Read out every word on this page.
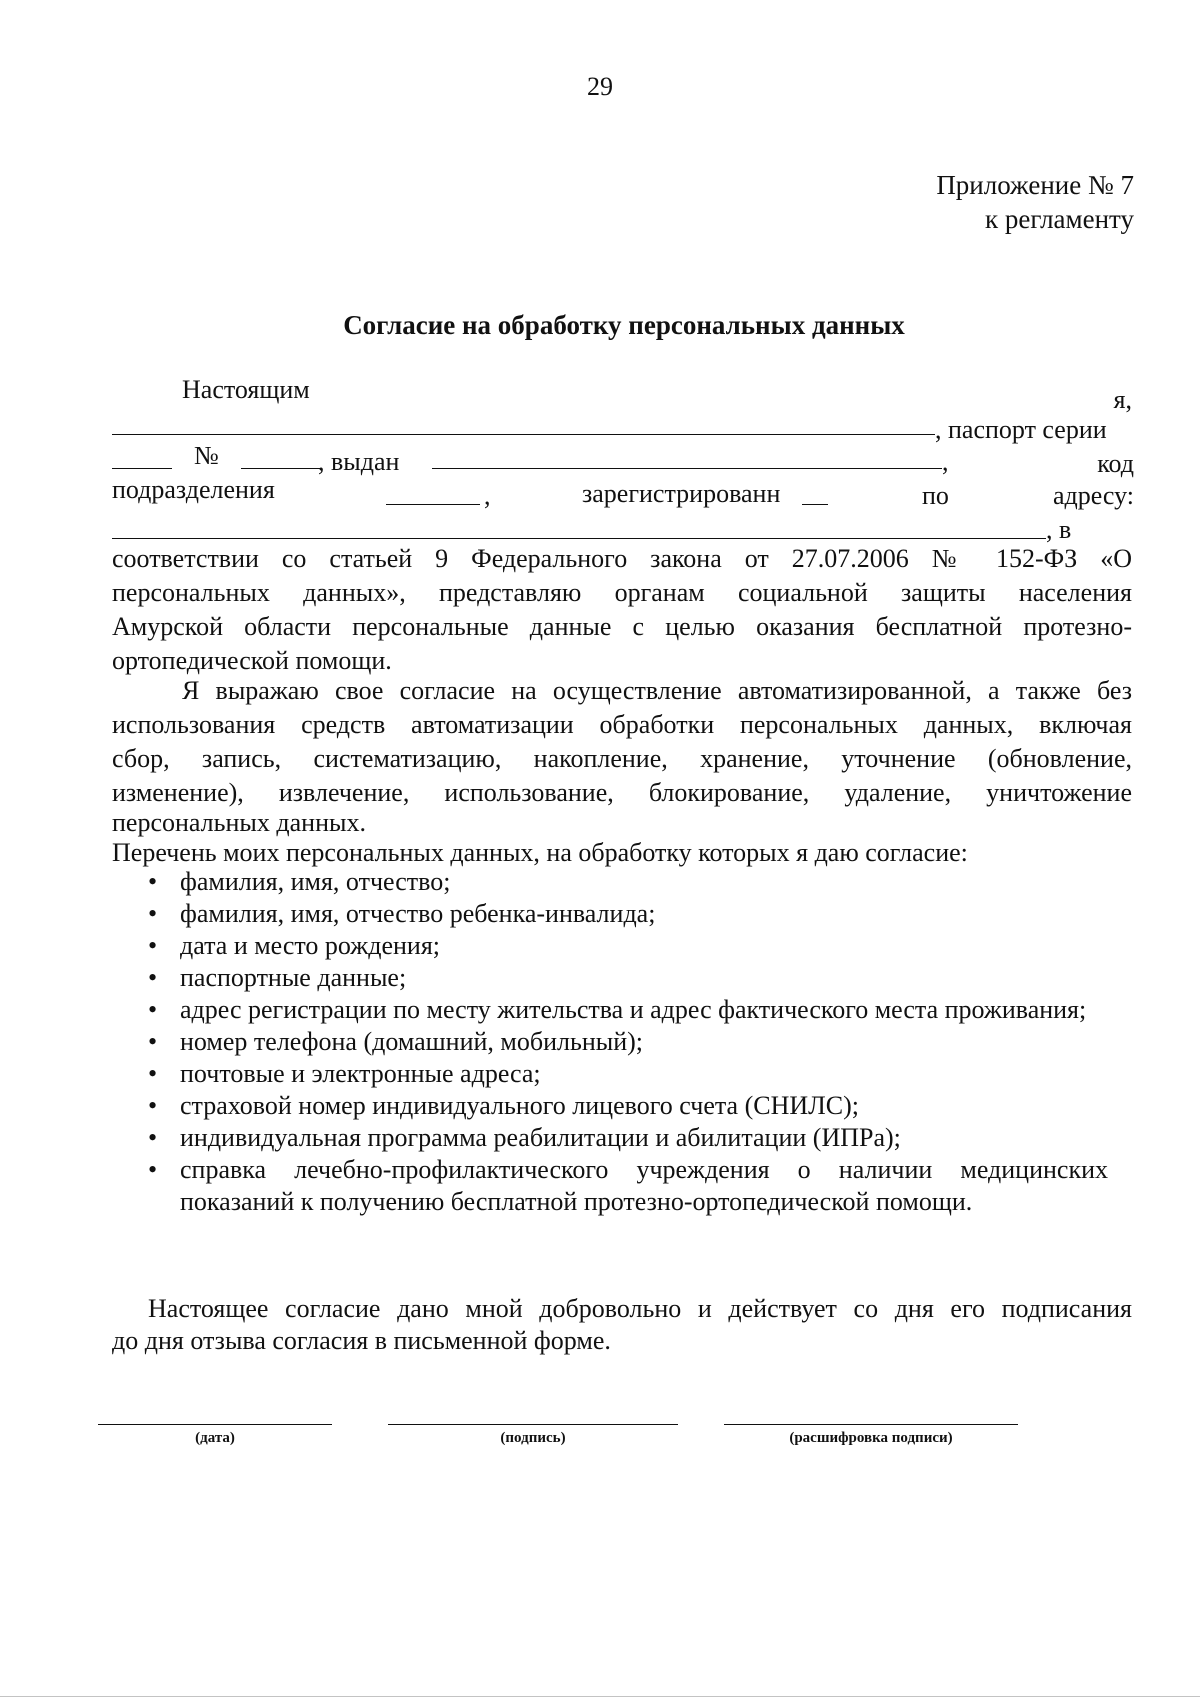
29
Приложение № 7
к регламенту
Согласие на обработку персональных данных
Настоящим	я,
, паспорт серии
№	, выдан	,	код
подразделения	,	зарегистрированн	по	адресу:
, в
соответствии со статьей 9 Федерального закона от 27.07.2006 № 152-ФЗ «О
персональных данных», представляю органам социальной защиты населения
Амурской области персональные данные с целью оказания бесплатной протезно-
ортопедической помощи.
Я выражаю свое согласие на осуществление автоматизированной, а также без
использования средств автоматизации обработки персональных данных, включая
сбор, запись, систематизацию, накопление, хранение, уточнение (обновление,
изменение), извлечение, использование, блокирование, удаление, уничтожение
персональных данных.
Перечень моих персональных данных, на обработку которых я даю согласие:
• фамилия, имя, отчество;
• фамилия, имя, отчество ребенка-инвалида;
• дата и место рождения;
• паспортные данные;
• адрес регистрации по месту жительства и адрес фактического места проживания;
• номер телефона (домашний, мобильный);
• почтовые и электронные адреса;
• страховой номер индивидуального лицевого счета (СНИЛС);
• индивидуальная программа реабилитации и абилитации (ИПРа);
• справка лечебно-профилактического учреждения о наличии медицинских показаний к получению бесплатной протезно-ортопедической помощи.
Настоящее согласие дано мной добровольно и действует со дня его подписания
до дня отзыва согласия в письменной форме.
(дата)	(подпись)	(расшифровка подписи)
